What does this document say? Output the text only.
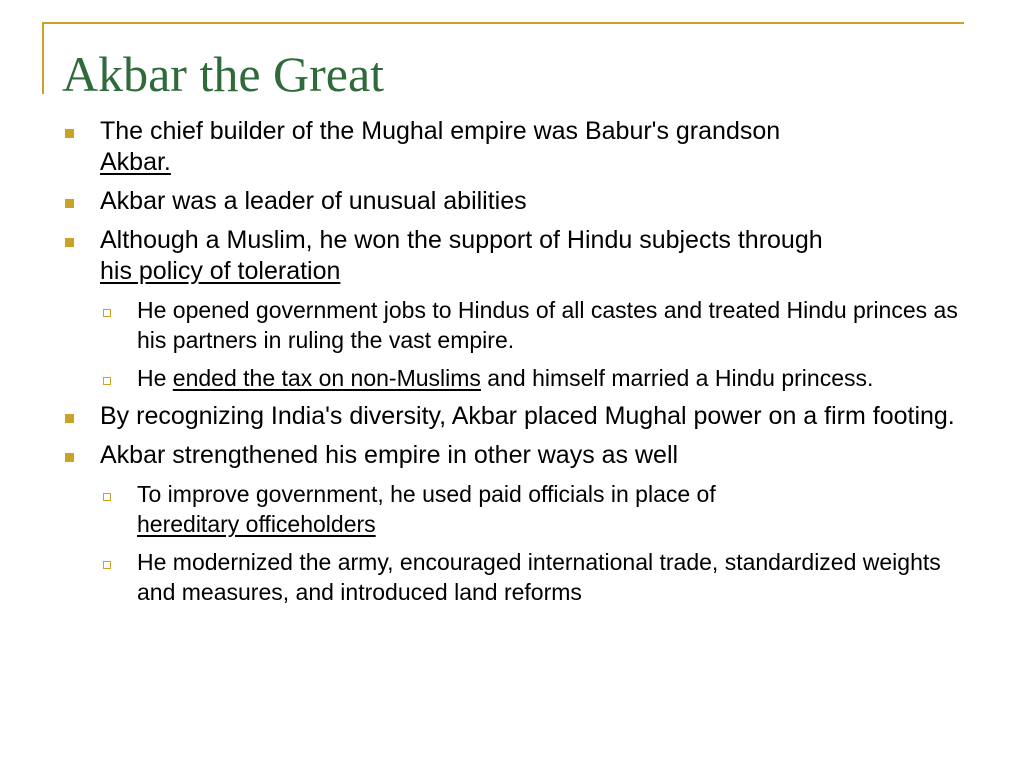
Akbar the Great
The chief builder of the Mughal empire was Babur's grandson
Akbar.
Akbar was a leader of unusual abilities
Although a Muslim, he won the support of Hindu subjects through
his policy of toleration
He opened government jobs to Hindus of all castes and treated Hindu princes as his partners in ruling the vast empire.
He ended the tax on non-Muslims and himself married a Hindu princess.
By recognizing India's diversity, Akbar placed Mughal power on a firm footing.
Akbar strengthened his empire in other ways as well
To improve government, he used paid officials in place of
hereditary officeholders
He modernized the army, encouraged international trade, standardized weights and measures, and introduced land reforms
